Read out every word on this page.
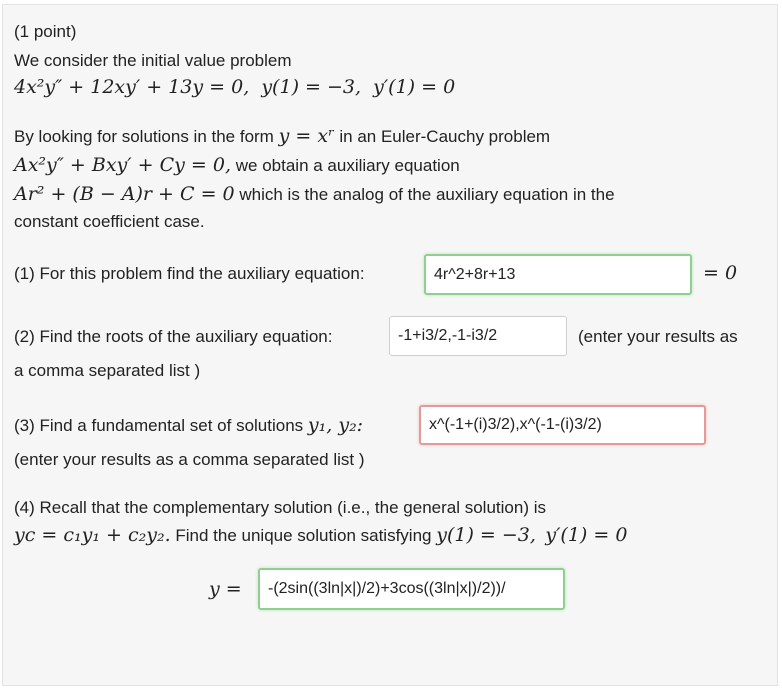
(1 point)
We consider the initial value problem
4x²y″ + 12xy′ + 13y = 0, y(1) = −3, y′(1) = 0
By looking for solutions in the form y = xʳ in an Euler-Cauchy problem
Ax²y″ + Bxy′ + Cy = 0, we obtain a auxiliary equation
Ar² + (B − A)r + C = 0 which is the analog of the auxiliary equation in the
constant coefficient case.
(1) For this problem find the auxiliary equation:	4r^2+8r+13	= 0
(2) Find the roots of the auxiliary equation:	-1+i3/2,-1-i3/2	(enter your results as
a comma separated list )
(3) Find a fundamental set of solutions y₁, y₂:	x^(-1+(i)3/2),x^(-1-(i)3/2)
(enter your results as a comma separated list )
(4) Recall that the complementary solution (i.e., the general solution) is
yc = c₁y₁ + c₂y₂. Find the unique solution satisfying y(1) = −3, y′(1) = 0
y =	-(2sin((3ln|x|)/2)+3cos((3ln|x|)/2))/
